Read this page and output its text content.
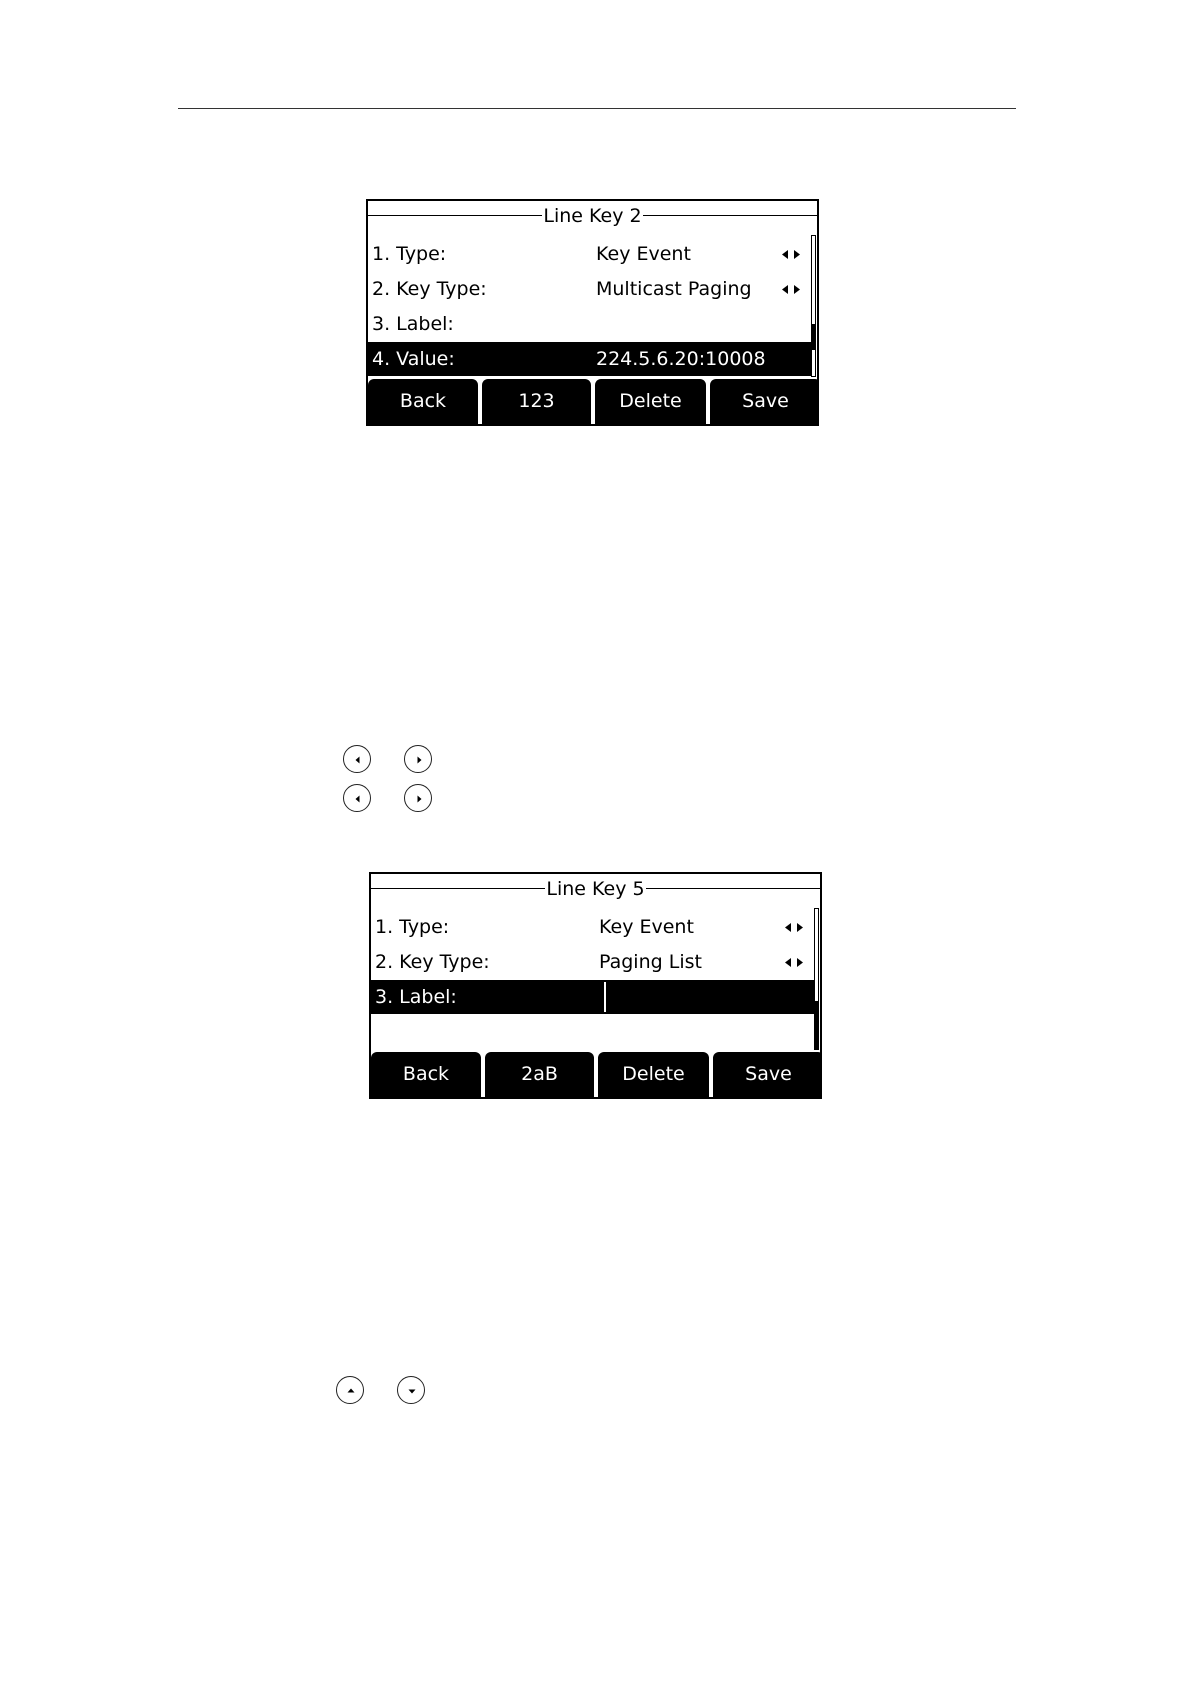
Line Key 2
1. Type:	Key Event
2. Key Type:	Multicast Paging
3. Label:
4. Value:	224.5.6.20:10008
Back	123	Delete	Save
Line Key 5
1. Type:	Key Event
2. Key Type:	Paging List
3. Label:
Back	2aB	Delete	Save
